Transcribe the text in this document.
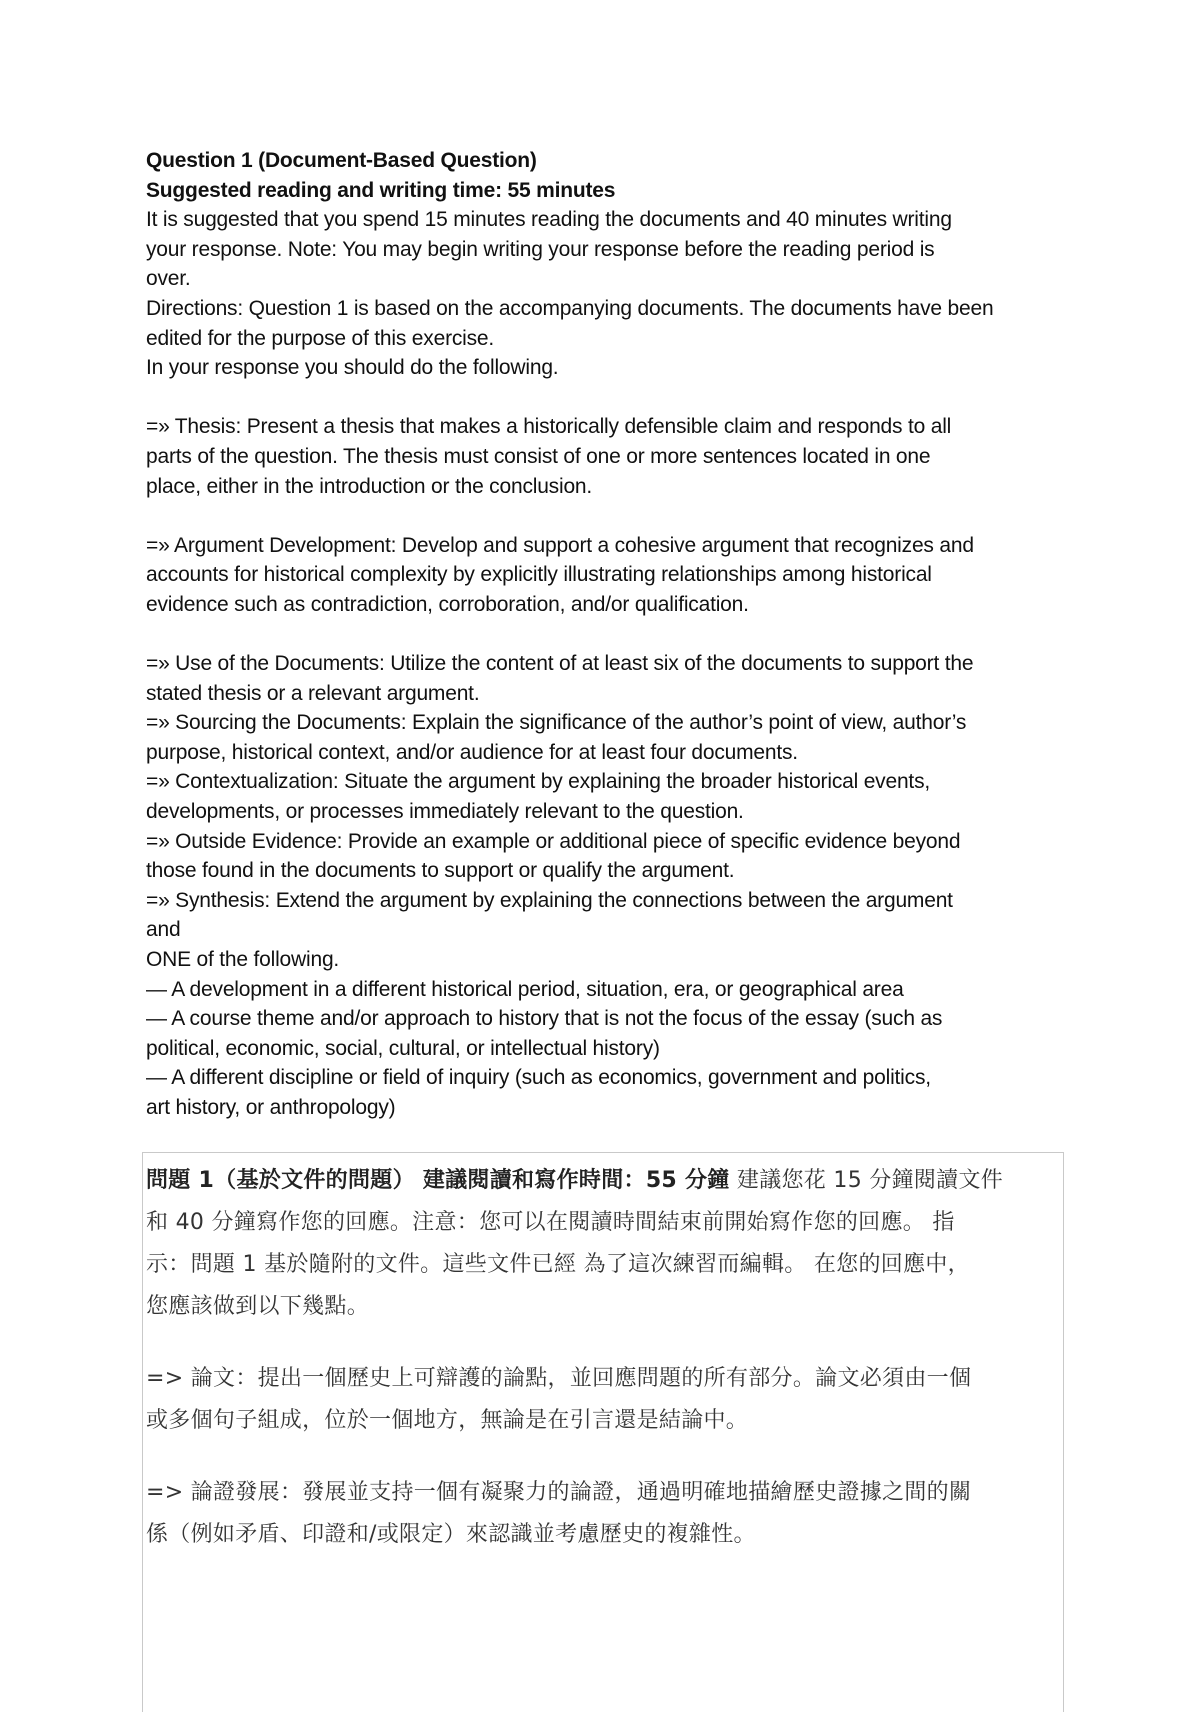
Question 1 (Document-Based Question)
Suggested reading and writing time: 55 minutes
It is suggested that you spend 15 minutes reading the documents and 40 minutes writing
your response. Note: You may begin writing your response before the reading period is
over.
Directions: Question 1 is based on the accompanying documents. The documents have been
edited for the purpose of this exercise.
In your response you should do the following.
=» Thesis: Present a thesis that makes a historically defensible claim and responds to all
parts of the question. The thesis must consist of one or more sentences located in one
place, either in the introduction or the conclusion.
=» Argument Development: Develop and support a cohesive argument that recognizes and
accounts for historical complexity by explicitly illustrating relationships among historical
evidence such as contradiction, corroboration, and/or qualification.
=» Use of the Documents: Utilize the content of at least six of the documents to support the
stated thesis or a relevant argument.
=» Sourcing the Documents: Explain the significance of the author’s point of view, author’s
purpose, historical context, and/or audience for at least four documents.
=» Contextualization: Situate the argument by explaining the broader historical events,
developments, or processes immediately relevant to the question.
=» Outside Evidence: Provide an example or additional piece of specific evidence beyond
those found in the documents to support or qualify the argument.
=» Synthesis: Extend the argument by explaining the connections between the argument
and
ONE of the following.
— A development in a different historical period, situation, era, or geographical area
— A course theme and/or approach to history that is not the focus of the essay (such as
political, economic, social, cultural, or intellectual history)
— A different discipline or field of inquiry (such as economics, government and politics,
art history, or anthropology)
問題 1（基於文件的問題） 建議閱讀和寫作時間：55 分鐘 建議您花 15 分鐘閱讀文件
和 40 分鐘寫作您的回應。注意：您可以在閱讀時間結束前開始寫作您的回應。 指
示：問題 1 基於隨附的文件。這些文件已經 為了這次練習而編輯。 在您的回應中，
您應該做到以下幾點。
=> 論文：提出一個歷史上可辯護的論點，並回應問題的所有部分。論文必須由一個
或多個句子組成，位於一個地方，無論是在引言還是結論中。
=> 論證發展：發展並支持一個有凝聚力的論證，通過明確地描繪歷史證據之間的關
係（例如矛盾、印證和/或限定）來認識並考慮歷史的複雜性。
